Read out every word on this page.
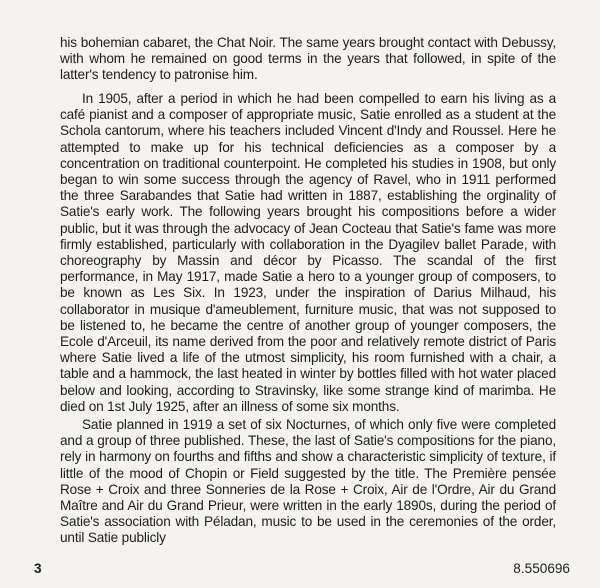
his bohemian cabaret, the Chat Noir. The same years brought contact with Debussy, with whom he remained on good terms in the years that followed, in spite of the latter's tendency to patronise him.

In 1905, after a period in which he had been compelled to earn his living as a café pianist and a composer of appropriate music, Satie enrolled as a student at the Schola cantorum, where his teachers included Vincent d'Indy and Roussel. Here he attempted to make up for his technical deficiencies as a composer by a concentration on traditional counterpoint. He completed his studies in 1908, but only began to win some success through the agency of Ravel, who in 1911 performed the three Sarabandes that Satie had written in 1887, establishing the orginality of Satie's early work. The following years brought his compositions before a wider public, but it was through the advocacy of Jean Cocteau that Satie's fame was more firmly established, particularly with collaboration in the Dyagilev ballet Parade, with choreography by Massin and décor by Picasso. The scandal of the first performance, in May 1917, made Satie a hero to a younger group of composers, to be known as Les Six. In 1923, under the inspiration of Darius Milhaud, his collaborator in musique d'ameublement, furniture music, that was not supposed to be listened to, he became the centre of another group of younger composers, the Ecole d'Arceuil, its name derived from the poor and relatively remote district of Paris where Satie lived a life of the utmost simplicity, his room furnished with a chair, a table and a hammock, the last heated in winter by bottles filled with hot water placed below and looking, according to Stravinsky, like some strange kind of marimba. He died on 1st July 1925, after an illness of some six months.

Satie planned in 1919 a set of six Nocturnes, of which only five were completed and a group of three published. These, the last of Satie's compositions for the piano, rely in harmony on fourths and fifths and show a characteristic simplicity of texture, if little of the mood of Chopin or Field suggested by the title. The Première pensée Rose + Croix and three Sonneries de la Rose + Croix, Air de l'Ordre, Air du Grand Maître and Air du Grand Prieur, were written in the early 1890s, during the period of Satie's association with Péladan, music to be used in the ceremonies of the order, until Satie publicly

3	8.550696
